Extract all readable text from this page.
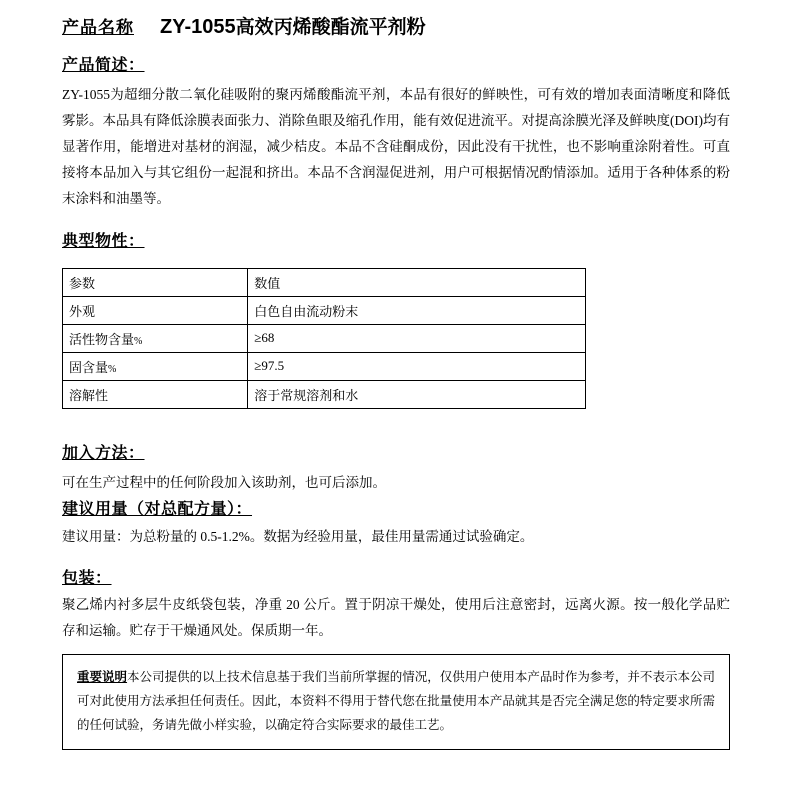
产品名称 ZY-1055高效丙烯酸酯流平剂粉
产品简述：
ZY-1055为超细分散二氧化硅吸附的聚丙烯酸酯流平剂，本品有很好的鲜映性，可有效的增加表面清晰度和降低雾影。本品具有降低涂膜表面张力、消除鱼眼及缩孔作用，能有效促进流平。对提高涂膜光泽及鲜映度(DOI)均有显著作用，能增进对基材的润湿，减少桔皮。本品不含硅酮成份，因此没有干扰性，也不影响重涂附着性。可直接将本品加入与其它组份一起混和挤出。本品不含润湿促进剂，用户可根据情况酌情添加。适用于各种体系的粉末涂料和油墨等。
典型物性：
参数	数值
外观	白色自由流动粉末
活性物含量%	≥68
固含量%	≥97.5
溶解性	溶于常规溶剂和水
加入方法：
可在生产过程中的任何阶段加入该助剂，也可后添加。
建议用量（对总配方量）：
建议用量：为总粉量的 0.5-1.2%。数据为经验用量，最佳用量需通过试验确定。
包装：
聚乙烯内衬多层牛皮纸袋包装，净重 20 公斤。置于阴凉干燥处，使用后注意密封，远离火源。按一般化学品贮存和运输。贮存于干燥通风处。保质期一年。
重要说明本公司提供的以上技术信息基于我们当前所掌握的情况，仅供用户使用本产品时作为参考，并不表示本公司可对此使用方法承担任何责任。因此，本资料不得用于替代您在批量使用本产品就其是否完全满足您的特定要求所需的任何试验，务请先做小样实验，以确定符合实际要求的最佳工艺。
